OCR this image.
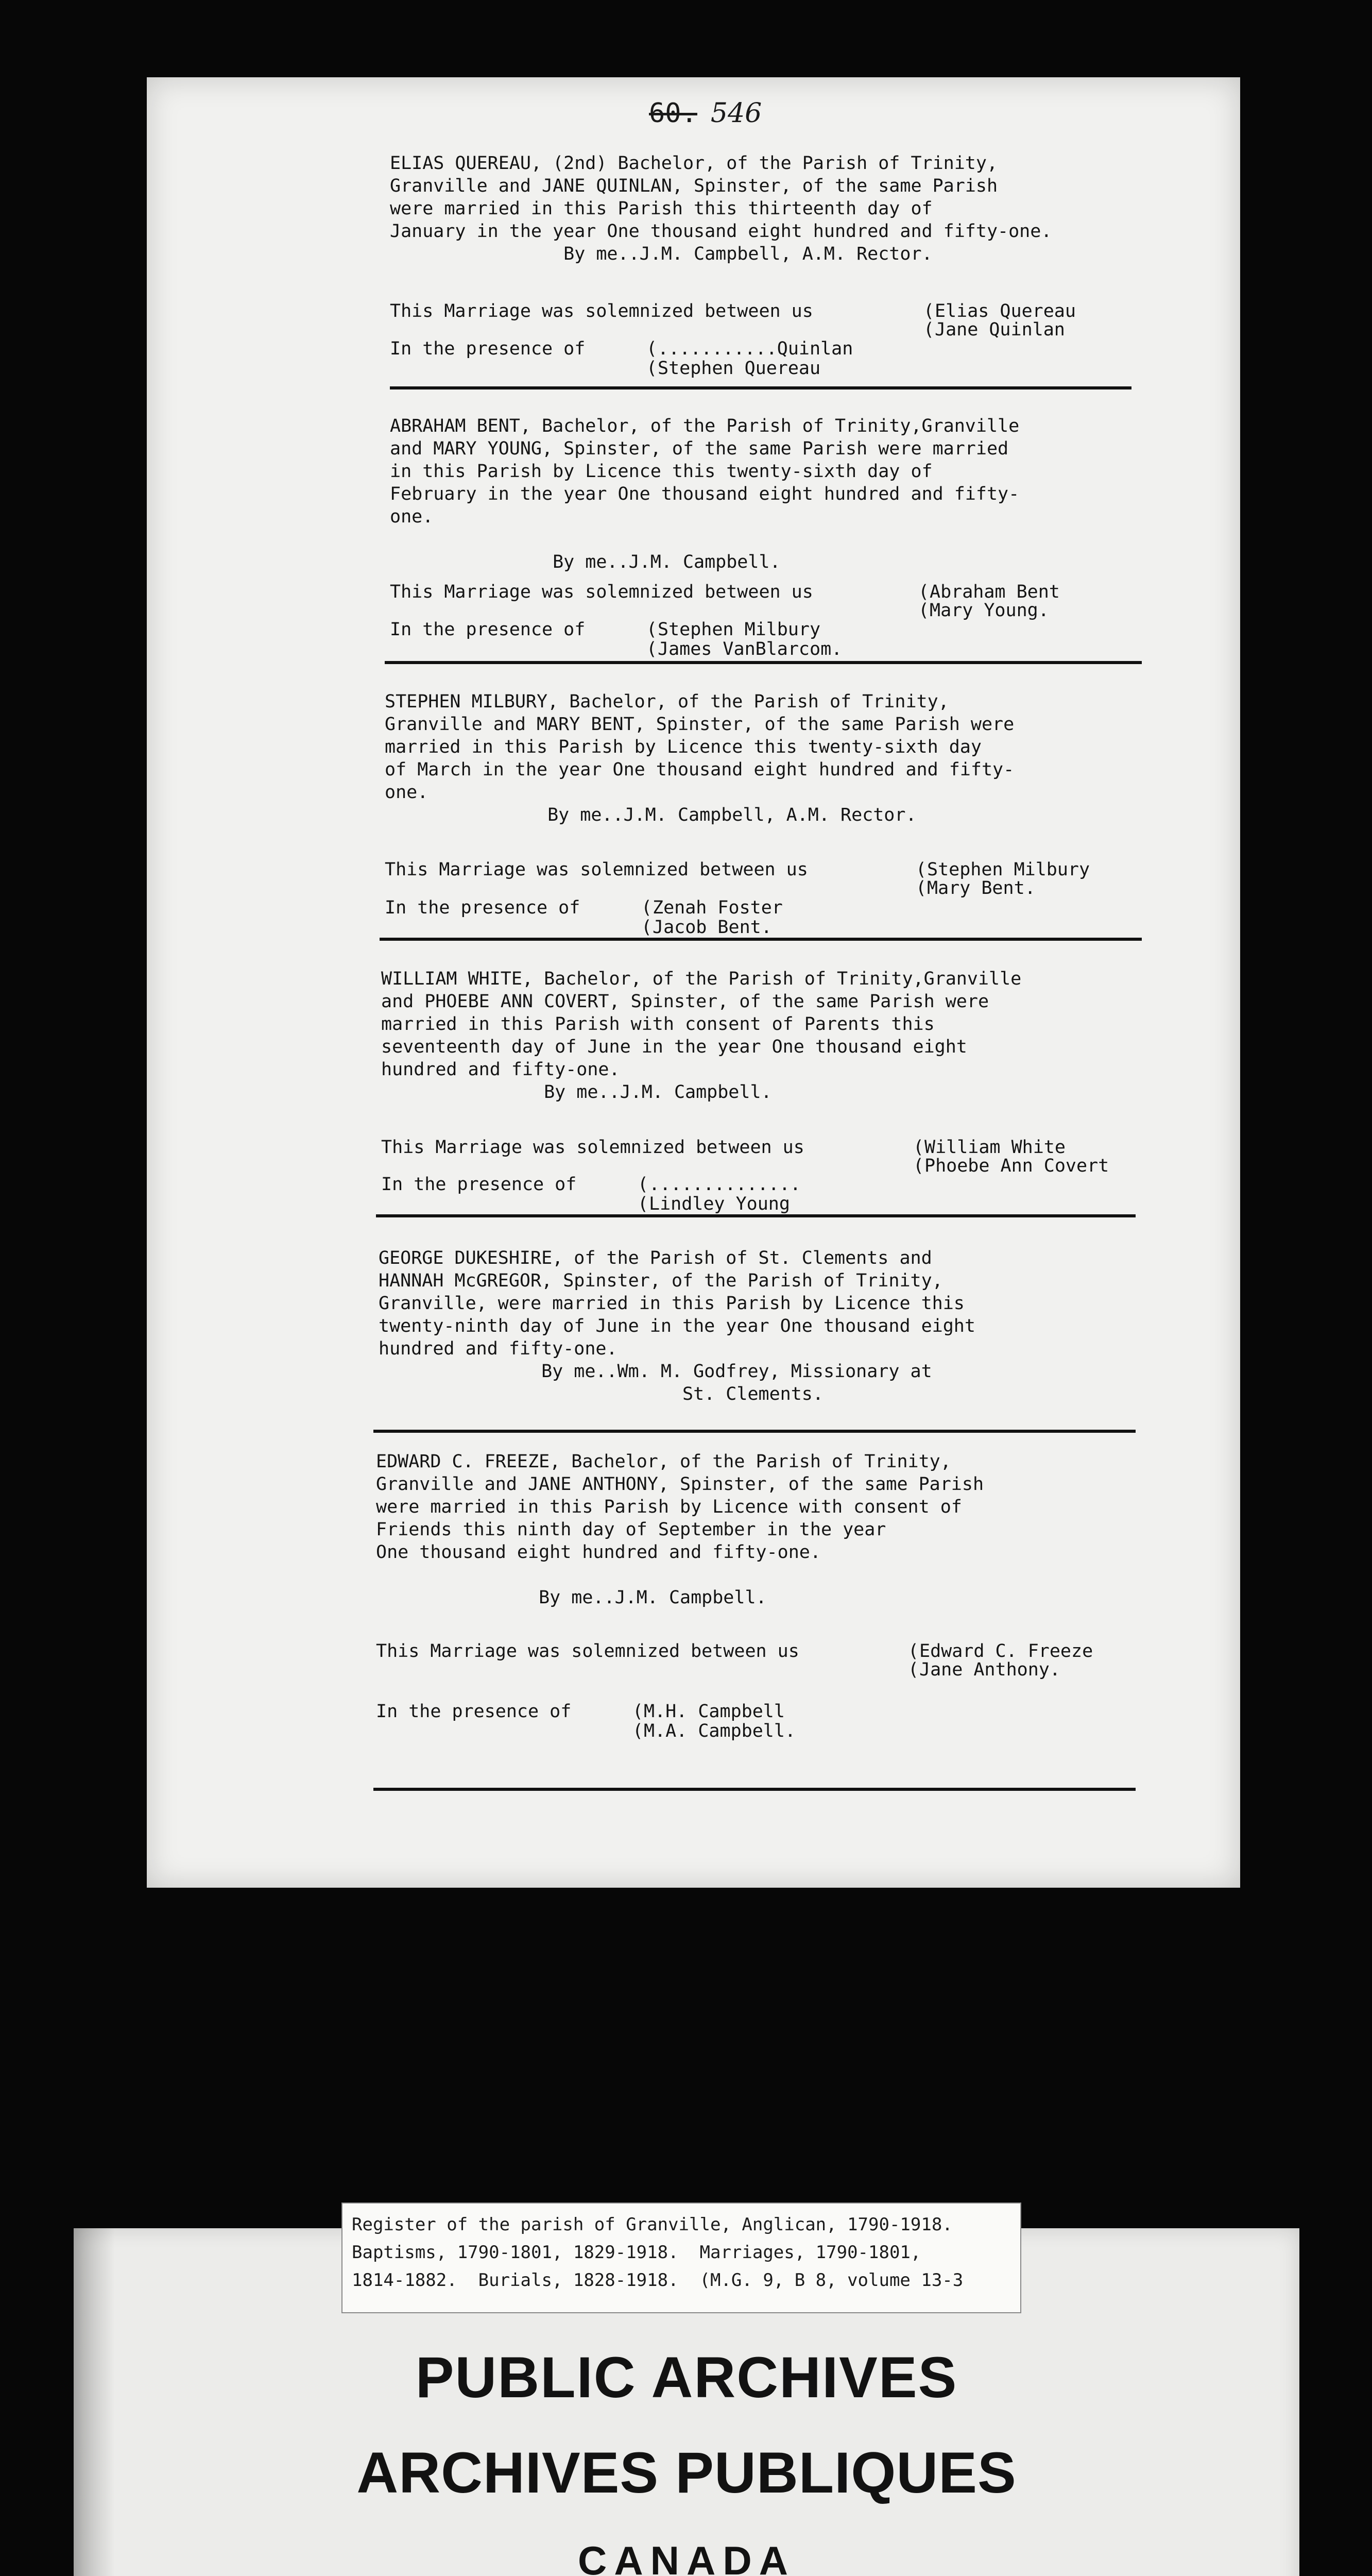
60. 546
ELIAS QUEREAU, (2nd) Bachelor, of the Parish of Trinity,
Granville and JANE QUINLAN, Spinster, of the same Parish
were married in this Parish this thirteenth day of
January in the year One thousand eight hundred and fifty-one.
By me..J.M. Campbell, A.M. Rector.
This Marriage was solemnized between us	( Elias Quereau
( Jane Quinlan
In the presence of	( ...........Quinlan
( Stephen Quereau
ABRAHAM BENT, Bachelor, of the Parish of Trinity,Granville
and MARY YOUNG, Spinster, of the same Parish were married
in this Parish by Licence this twenty-sixth day of
February in the year One thousand eight hundred and fifty-
one.
By me..J.M. Campbell.
This Marriage was solemnized between us	( Abraham Bent
( Mary Young.
In the presence of	( Stephen Milbury
( James VanBlarcom.
STEPHEN MILBURY, Bachelor, of the Parish of Trinity,
Granville and MARY BENT, Spinster, of the same Parish were
married in this Parish by Licence this twenty-sixth day
of March in the year One thousand eight hundred and fifty-
one.
By me..J.M. Campbell, A.M. Rector.
This Marriage was solemnized between us	( Stephen Milbury
( Mary Bent.
In the presence of	( Zenah Foster
( Jacob Bent.
WILLIAM WHITE, Bachelor, of the Parish of Trinity,Granville
and PHOEBE ANN COVERT, Spinster, of the same Parish were
married in this Parish with consent of Parents this
seventeenth day of June in the year One thousand eight
hundred and fifty-one.
By me..J.M. Campbell.
This Marriage was solemnized between us	( William White
( Phoebe Ann Covert
In the presence of	( ..............
( Lindley Young
GEORGE DUKESHIRE, of the Parish of St. Clements and
HANNAH McGREGOR, Spinster, of the Parish of Trinity,
Granville, were married in this Parish by Licence this
twenty-ninth day of June in the year One thousand eight
hundred and fifty-one.
By me..Wm. M. Godfrey, Missionary at
St. Clements.
EDWARD C. FREEZE, Bachelor, of the Parish of Trinity,
Granville and JANE ANTHONY, Spinster, of the same Parish
were married in this Parish by Licence with consent of
Friends this ninth day of September in the year
One thousand eight hundred and fifty-one.
By me..J.M. Campbell.
This Marriage was solemnized between us	( Edward C. Freeze
( Jane Anthony.
In the presence of	( M.H. Campbell
( M.A. Campbell.
Register of the parish of Granville, Anglican, 1790-1918.
Baptisms, 1790-1801, 1829-1918.  Marriages, 1790-1801,
1814-1882.  Burials, 1828-1918.  (M.G. 9, B 8, volume 13-3
PUBLIC ARCHIVES
ARCHIVES PUBLIQUES
CANADA
